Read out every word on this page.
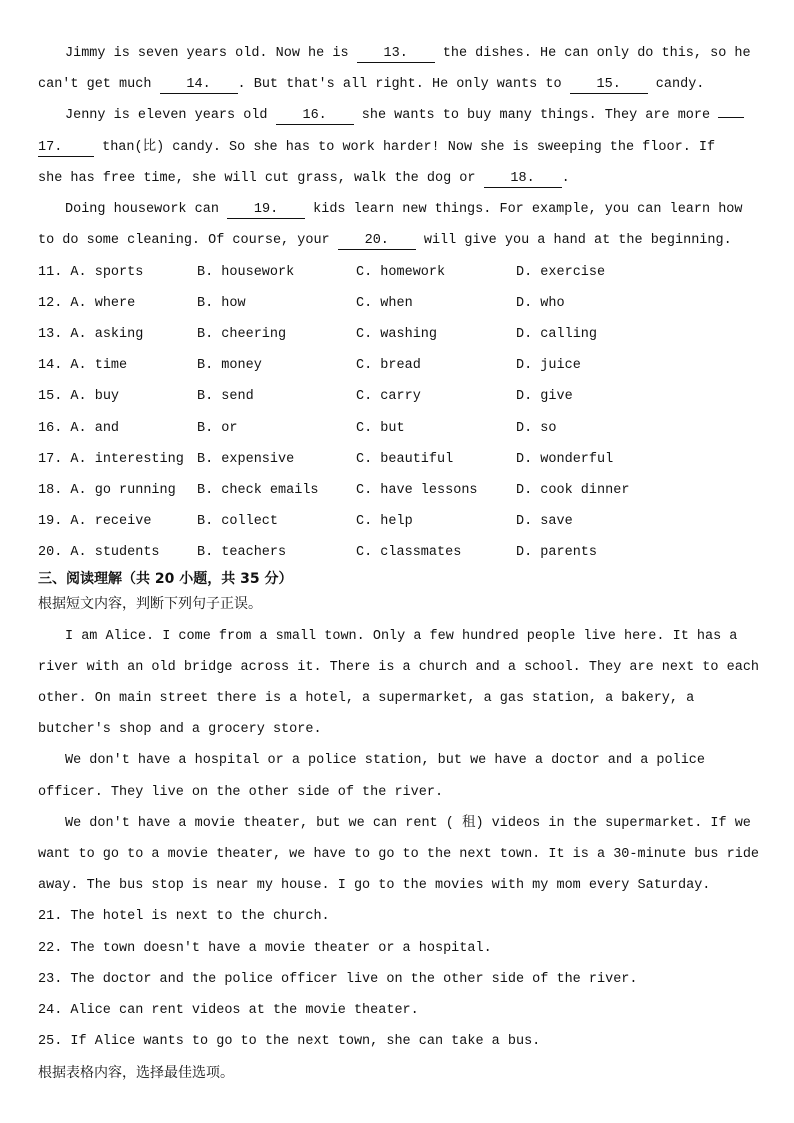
Jimmy is seven years old. Now he is 13. the dishes. He can only do this, so he
can't get much 14. . But that's all right. He only wants to 15. candy.
Jenny is eleven years old 16. she wants to buy many things. They are more
17. than(比) candy. So she has to work harder! Now she is sweeping the floor. If
she has free time, she will cut grass, walk the dog or 18. .
Doing housework can 19. kids learn new things. For example, you can learn how
to do some cleaning. Of course, your 20. will give you a hand at the beginning.
11. A. sports	B. housework	C. homework	D. exercise
12. A. where	B. how	C. when	D. who
13. A. asking	B. cheering	C. washing	D. calling
14. A. time	B. money	C. bread	D. juice
15. A. buy	B. send	C. carry	D. give
16. A. and	B. or	C. but	D. so
17. A. interesting B. expensive	C. beautiful	D. wonderful
18. A. go running B. check emails	C. have lessons	D. cook dinner
19. A. receive	B. collect	C. help	D. save
20. A. students	B. teachers	C. classmates	D. parents
三、阅读理解（共 20 小题，共 35 分）
根据短文内容，判断下列句子正误。
I am Alice. I come from a small town. Only a few hundred people live here. It has a
river with an old bridge across it. There is a church and a school. They are next to each
other. On main street there is a hotel, a supermarket, a gas station, a bakery, a
butcher's shop and a grocery store.
We don't have a hospital or a police station, but we have a doctor and a police
officer. They live on the other side of the river.
We don't have a movie theater, but we can rent ( 租) videos in the supermarket. If we
want to go to a movie theater, we have to go to the next town. It is a 30-minute bus ride
away. The bus stop is near my house. I go to the movies with my mom every Saturday.
21. The hotel is next to the church.
22. The town doesn't have a movie theater or a hospital.
23. The doctor and the police officer live on the other side of the river.
24. Alice can rent videos at the movie theater.
25. If Alice wants to go to the next town, she can take a bus.
根据表格内容，选择最佳选项。
